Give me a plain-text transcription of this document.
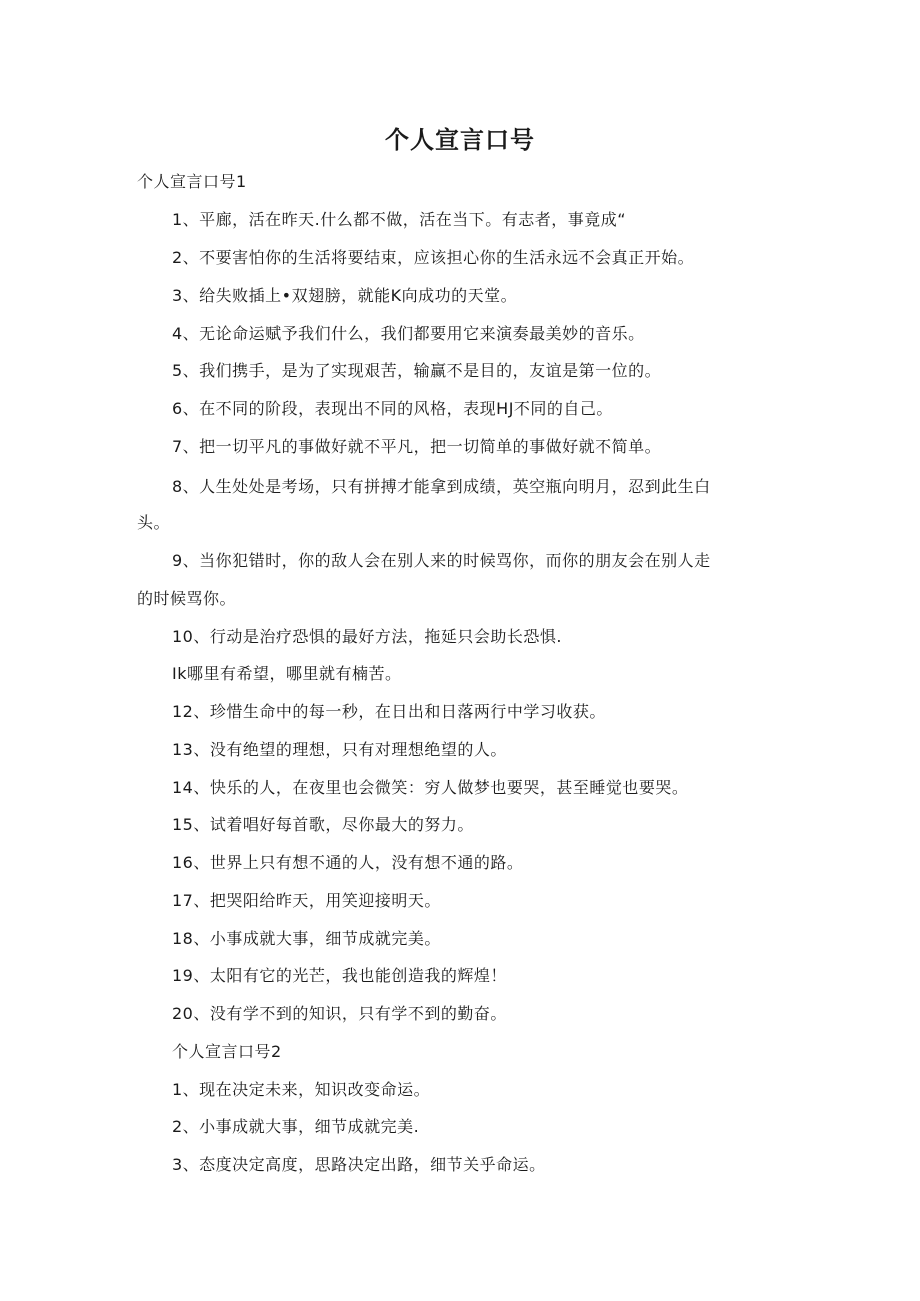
个人宣言口号
个人宣言口号1
1、平廊，活在昨天.什么都不做，活在当下。有志者，事竟成“
2、不要害怕你的生活将要结束，应该担心你的生活永远不会真正开始。
3、给失败插上•双翅膀，就能K向成功的天堂。
4、无论命运赋予我们什么，我们都要用它来演奏最美妙的音乐。
5、我们携手，是为了实现艰苦，输赢不是目的，友谊是第一位的。
6、在不同的阶段，表现出不同的风格，表现HJ不同的自己。
7、把一切平凡的事做好就不平凡，把一切简单的事做好就不简单。
8、人生处处是考场，只有拼搏才能拿到成绩，英空瓶向明月，忍到此生白
头。
9、当你犯错时，你的敌人会在别人来的时候骂你，而你的朋友会在别人走
的时候骂你。
10、行动是治疗恐惧的最好方法，拖延只会助长恐惧.
Ik哪里有希望，哪里就有楠苦。
12、珍惜生命中的每一秒，在日出和日落两行中学习收获。
13、没有绝望的理想，只有对理想绝望的人。
14、快乐的人，在夜里也会微笑：穷人做梦也要哭，甚至睡觉也要哭。
15、试着唱好每首歌，尽你最大的努力。
16、世界上只有想不通的人，没有想不通的路。
17、把哭阳给昨天，用笑迎接明天。
18、小事成就大事，细节成就完美。
19、太阳有它的光芒，我也能创造我的辉煌！
20、没有学不到的知识，只有学不到的勤奋。
个人宣言口号2
1、现在决定未来，知识改变命运。
2、小事成就大事，细节成就完美.
3、态度决定高度，思路决定出路，细节关乎命运。
